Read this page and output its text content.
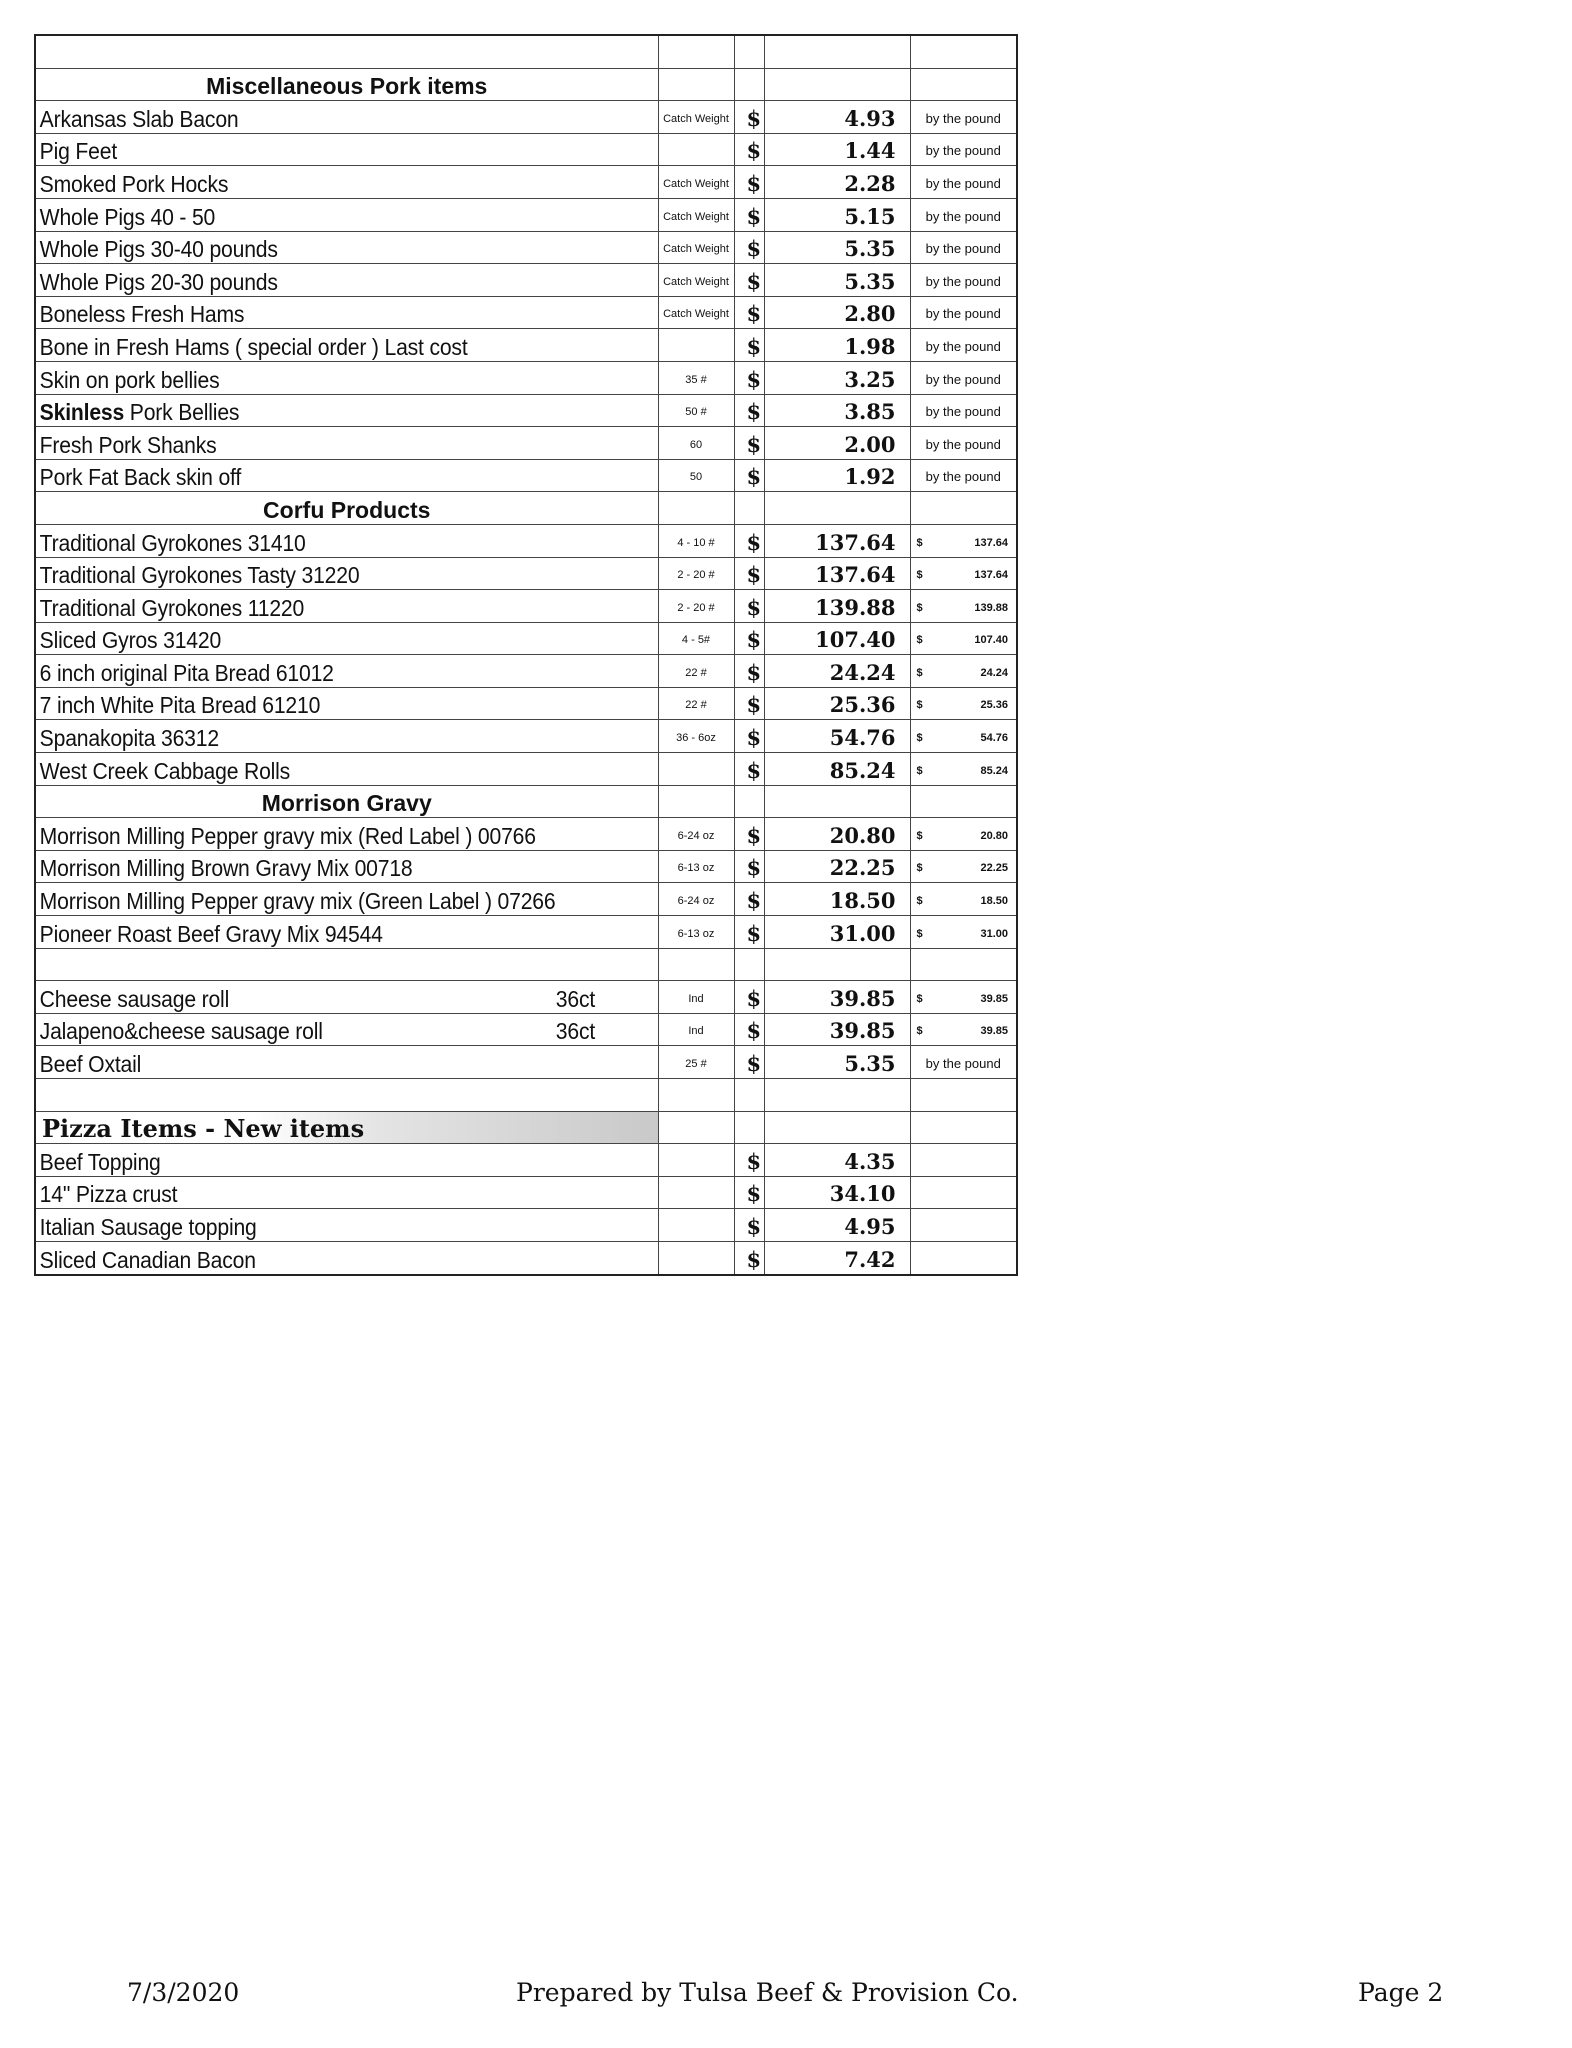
Miscellaneous Pork items				

Arkansas Slab Bacon	Catch Weight	$	4.93	by the pound

Pig Feet		$	1.44	by the pound

Smoked Pork Hocks	Catch Weight	$	2.28	by the pound

Whole Pigs 40 - 50	Catch Weight	$	5.15	by the pound

Whole Pigs 30-40 pounds	Catch Weight	$	5.35	by the pound

Whole Pigs 20-30 pounds	Catch Weight	$	5.35	by the pound

Boneless Fresh Hams	Catch Weight	$	2.80	by the pound

Bone in Fresh Hams ( special order ) Last cost		$	1.98	by the pound

Skin on pork bellies	35 #	$	3.25	by the pound

Skinless Pork Bellies	50 #	$	3.85	by the pound

Fresh Pork Shanks	60	$	2.00	by the pound

Pork Fat Back skin off	50	$	1.92	by the pound
Corfu Products				

Traditional Gyrokones 31410	4 - 10 #	$	137.64	$ 137.64

Traditional Gyrokones Tasty 31220	2 - 20 #	$	137.64	$ 137.64

Traditional Gyrokones 11220	2 - 20 #	$	139.88	$ 139.88

Sliced Gyros 31420	4 - 5#	$	107.40	$ 107.40

6 inch original Pita Bread 61012	22 #	$	24.24	$ 24.24

7 inch White Pita Bread 61210	22 #	$	25.36	$ 25.36

Spanakopita 36312	36 - 6oz	$	54.76	$ 54.76

West Creek Cabbage Rolls		$	85.24	$ 85.24

Morrison Gravy				

Morrison Milling Pepper gravy mix (Red Label ) 00766	6-24 oz	$	20.80	$ 20.80

Morrison Milling Brown Gravy Mix 00718	6-13 oz	$	22.25	$ 22.25

Morrison Milling Pepper gravy mix (Green Label ) 07266	6-24 oz	$	18.50	$ 18.50

Pioneer Roast Beef Gravy Mix 94544	6-13 oz	$	31.00	$ 31.00

Cheese sausage roll 36ct	Ind	$	39.85	$ 39.85

Jalapeno&cheese sausage roll 36ct	Ind	$	39.85	$ 39.85

Beef Oxtail	25 #	$	5.35	by the pound

Pizza Items - New items				

Beef Topping		$	4.35	

14" Pizza crust		$	34.10	

Italian Sausage topping		$	4.95	

Sliced Canadian Bacon		$	7.42	
7/3/2020	Prepared by Tulsa Beef & Provision Co.	Page 2
